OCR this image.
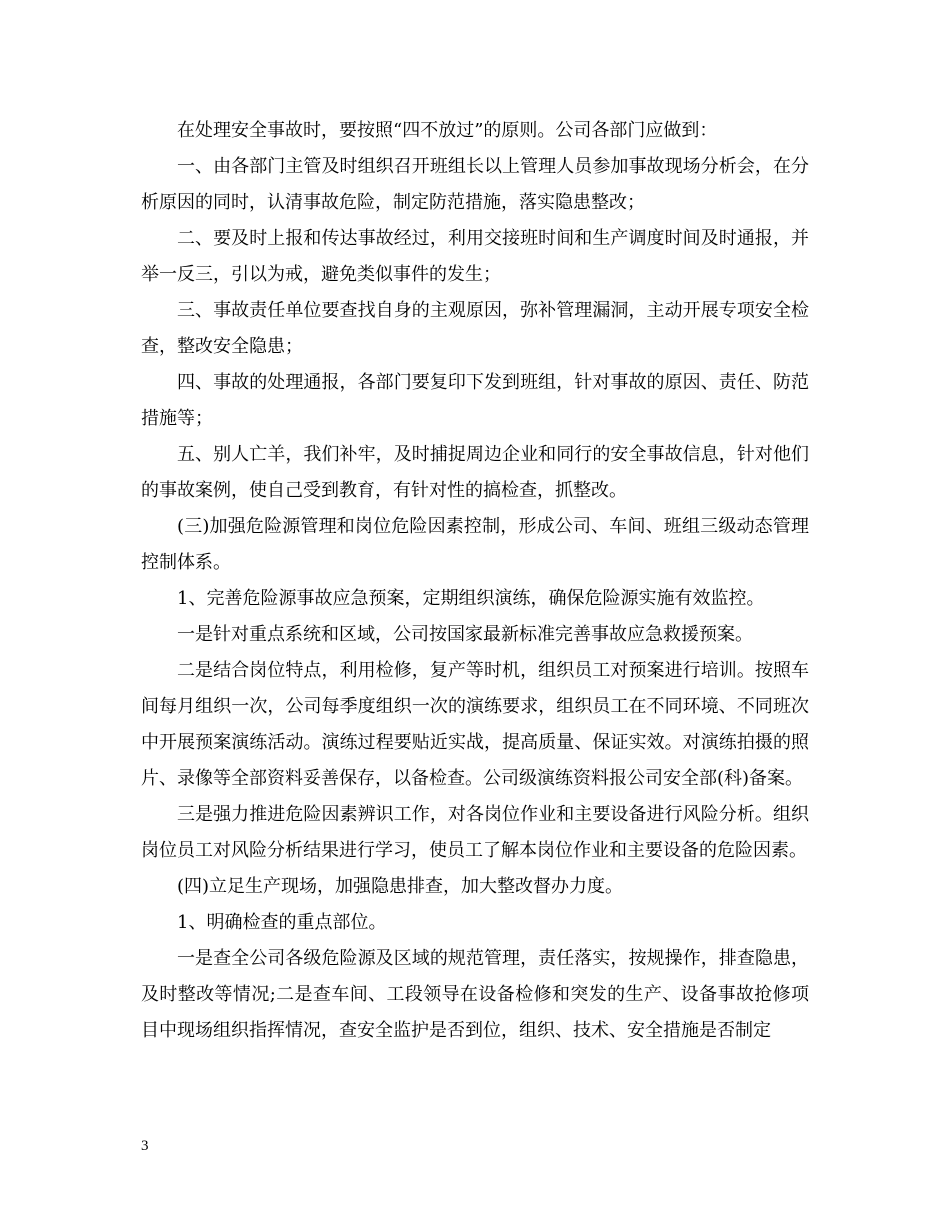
在处理安全事故时，要按照“四不放过”的原则。公司各部门应做到：

一、由各部门主管及时组织召开班组长以上管理人员参加事故现场分析会，在分析原因的同时，认清事故危险，制定防范措施，落实隐患整改；

二、要及时上报和传达事故经过，利用交接班时间和生产调度时间及时通报，并举一反三，引以为戒，避免类似事件的发生；

三、事故责任单位要查找自身的主观原因，弥补管理漏洞，主动开展专项安全检查，整改安全隐患；

四、事故的处理通报，各部门要复印下发到班组，针对事故的原因、责任、防范措施等；

五、别人亡羊，我们补牢，及时捕捉周边企业和同行的安全事故信息，针对他们的事故案例，使自己受到教育，有针对性的搞检查，抓整改。

(三)加强危险源管理和岗位危险因素控制，形成公司、车间、班组三级动态管理控制体系。

1、完善危险源事故应急预案，定期组织演练，确保危险源实施有效监控。

一是针对重点系统和区域，公司按国家最新标准完善事故应急救援预案。

二是结合岗位特点，利用检修，复产等时机，组织员工对预案进行培训。按照车间每月组织一次，公司每季度组织一次的演练要求，组织员工在不同环境、不同班次中开展预案演练活动。演练过程要贴近实战，提高质量、保证实效。对演练拍摄的照片、录像等全部资料妥善保存，以备检查。公司级演练资料报公司安全部(科)备案。

三是强力推进危险因素辨识工作，对各岗位作业和主要设备进行风险分析。组织岗位员工对风险分析结果进行学习，使员工了解本岗位作业和主要设备的危险因素。

(四)立足生产现场，加强隐患排查，加大整改督办力度。

1、明确检查的重点部位。

一是查全公司各级危险源及区域的规范管理，责任落实，按规操作，排查隐患，及时整改等情况;二是查车间、工段领导在设备检修和突发的生产、设备事故抢修项目中现场组织指挥情况，查安全监护是否到位，组织、技术、安全措施是否制定

3
